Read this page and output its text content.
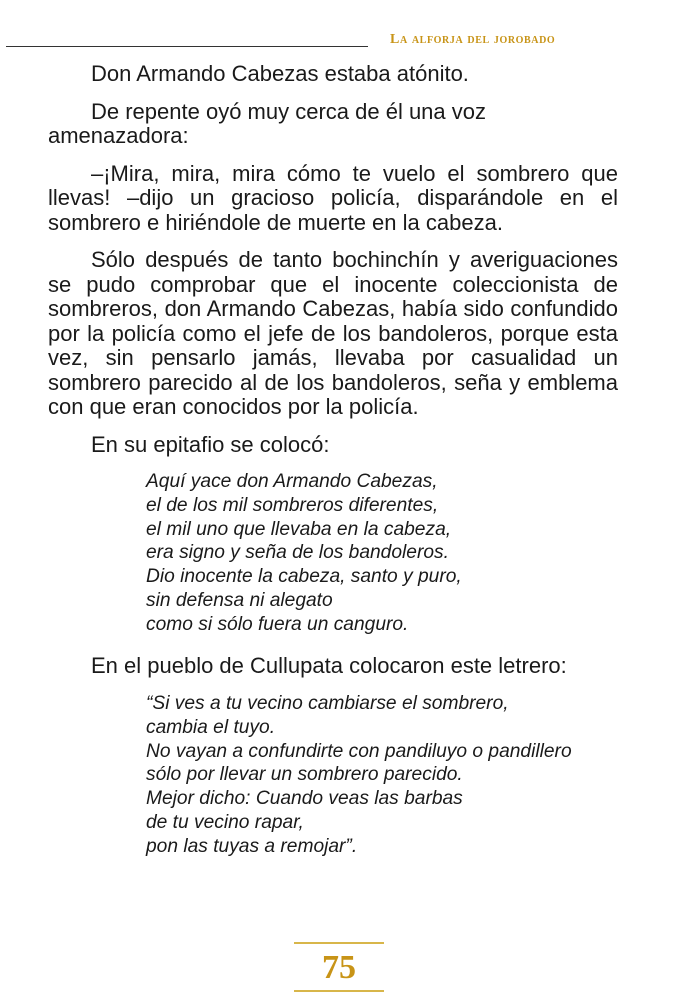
La alforja del jorobado

Don Armando Cabezas estaba atónito.

De repente oyó muy cerca de él una voz amenazadora:

–¡Mira, mira, mira cómo te vuelo el sombrero que llevas! –dijo un gracioso policía, disparándole en el sombrero e hiriéndole de muerte en la cabeza.

Sólo después de tanto bochinchín y averiguaciones se pudo comprobar que el inocente coleccionista de sombreros, don Armando Cabezas, había sido confundido por la policía como el jefe de los bandoleros, porque esta vez, sin pensarlo jamás, llevaba por casualidad un sombrero parecido al de los bandoleros, seña y emblema con que eran conocidos por la policía.

En su epitafio se colocó:

Aquí yace don Armando Cabezas,
el de los mil sombreros diferentes,
el mil uno que llevaba en la cabeza,
era signo y seña de los bandoleros.
Dio inocente la cabeza, santo y puro,
sin defensa ni alegato
como si sólo fuera un canguro.

En el pueblo de Cullupata colocaron este letrero:

“Si ves a tu vecino cambiarse el sombrero,
cambia el tuyo.
No vayan a confundirte con pandiluyo o pandillero
sólo por llevar un sombrero parecido.
Mejor dicho: Cuando veas las barbas
de tu vecino rapar,
pon las tuyas a remojar”.
75
